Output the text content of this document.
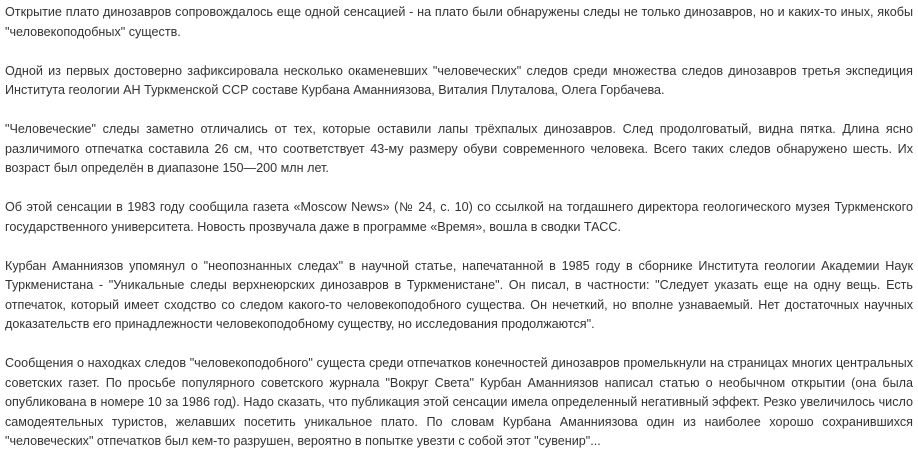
Открытие плато динозавров сопровождалось еще одной сенсацией - на плато были обнаружены следы не только динозавров, но и каких-то иных, якобы "человекоподобных" существ.

Одной из первых достоверно зафиксировала несколько окаменевших "человеческих" следов среди множества следов динозавров третья экспедиция Института геологии АН Туркменской ССР составе Курбана Аманниязова, Виталия Плуталова, Олега Горбачева.

"Человеческие" следы заметно отличались от тех, которые оставили лапы трёхпалых динозавров. След продолговатый, видна пятка. Длина ясно различимого отпечатка составила 26 см, что соответствует 43-му размеру обуви современного человека. Всего таких следов обнаружено шесть. Их возраст был определён в диапазоне 150—200 млн лет.

Об этой сенсации в 1983 году сообщила газета «Moscow News» (№ 24, с. 10) со ссылкой на тогдашнего директора геологического музея Туркменского государственного университета. Новость прозвучала даже в программе «Время», вошла в сводки ТАСС.

Курбан Аманниязов упомянул о "неопознанных следах" в научной статье, напечатанной в 1985 году в сборнике Института геологии Академии Наук Туркменистана - "Уникальные следы верхнеюрских динозавров в Туркменистане". Он писал, в частности: "Следует указать еще на одну вещь. Есть отпечаток, который имеет сходство со следом какого-то человекоподобного существа. Он нечеткий, но вполне узнаваемый. Нет достаточных научных доказательств его принадлежности человекоподобному существу, но исследования продолжаются".

Сообщения о находках следов "человекоподобного" сущеста среди отпечатков конечностей динозавров промелькнули на страницах многих центральных советских газет. По просьбе популярного советского журнала "Вокруг Света" Курбан Аманниязов написал статью о необычном открытии (она была опубликована в номере 10 за 1986 год). Надо сказать, что публикация этой сенсации имела определенный негативный эффект. Резко увеличилось число самодеятельных туристов, желавших посетить уникальное плато. По словам Курбана Аманниязова один из наиболее хорошо сохранившихся "человеческих" отпечатков был кем-то разрушен, вероятно в попытке увезти с собой этот "сувенир"...
